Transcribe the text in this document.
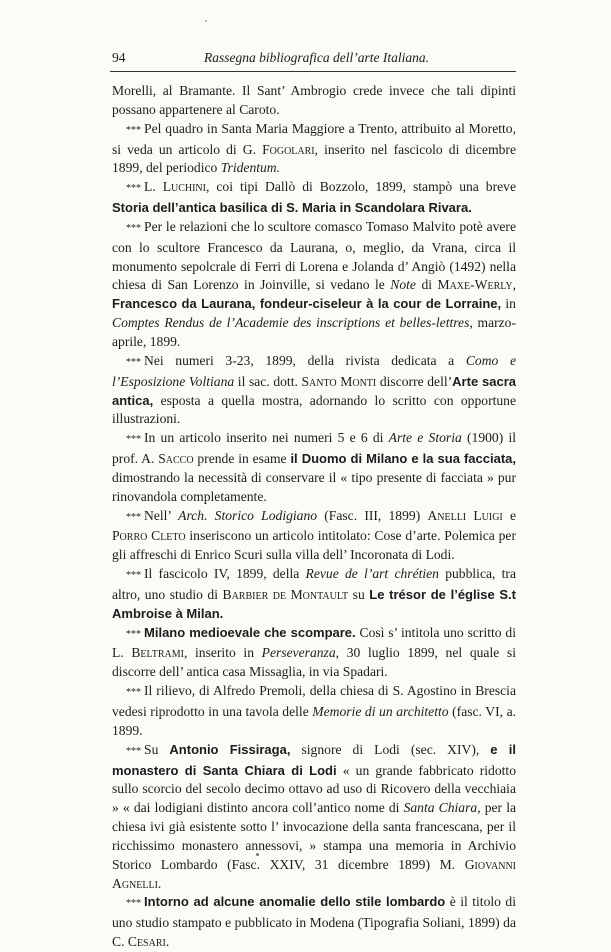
94	Rassegna bibliografica dell’arte Italiana.

Morelli, al Bramante. Il Sant’ Ambrogio crede invece che tali dipinti possano appartenere al Caroto.

* * * Pel quadro in Santa Maria Maggiore a Trento, attribuito al Moretto, si veda un articolo di G. Fogolari, inserito nel fascicolo di dicembre 1899, del periodico Tridentum.

* * * L. Luchini, coi tipi Dallò di Bozzolo, 1899, stampò una breve Storia dell’antica basilica di S. Maria in Scandolara Rivara.

* * * Per le relazioni che lo scultore comasco Tomaso Malvito potè avere con lo scultore Francesco da Laurana, o, meglio, da Vrana, circa il monumento sepolcrale di Ferri di Lorena e Jolanda d’ Angiò (1492) nella chiesa di San Lorenzo in Joinville, si vedano le Note di Maxe-Werly, Francesco da Laurana, fondeur-ciseleur à la cour de Lorraine, in Comptes Rendus de l’Academie des inscriptions et belles-lettres, marzo-aprile, 1899.

* * * Nei numeri 3-23, 1899, della rivista dedicata a Como e l’Esposizione Voltiana il sac. dott. Santo Monti discorre dell’Arte sacra antica, esposta a quella mostra, adornando lo scritto con opportune illustrazioni.

* * * In un articolo inserito nei numeri 5 e 6 di Arte e Storia (1900) il prof. A. Sacco prende in esame il Duomo di Milano e la sua facciata, dimostrando la necessità di conservare il « tipo presente di facciata » pur rinovandola completamente.

* * * Nell’ Arch. Storico Lodigiano (Fasc. III, 1899) Anelli Luigi e Porro Cleto inseriscono un articolo intitolato: Cose d’arte. Polemica per gli affreschi di Enrico Scuri sulla villa dell’ Incoronata di Lodi.

* * * Il fascicolo IV, 1899, della Revue de l’art chrétien pubblica, tra altro, uno studio di Barbier de Montault su Le trésor de l’église S.t Ambroise à Milan.

* * * Milano medioevale che scompare. Così s’ intitola uno scritto di L. Beltrami, inserito in Perseveranza, 30 luglio 1899, nel quale si discorre dell’ antica casa Missaglia, in via Spadari.

* * * Il rilievo, di Alfredo Premoli, della chiesa di S. Agostino in Brescia vedesi riprodotto in una tavola delle Memorie di un architetto (fasc. VI, a. 1899.

* * * Su Antonio Fissiraga, signore di Lodi (sec. XIV), e il monastero di Santa Chiara di Lodi « un grande fabbricato ridotto sullo scorcio del secolo decimo ottavo ad uso di Ricovero della vecchiaia » « dai lodigiani distinto ancora coll’antico nome di Santa Chiara, per la chiesa ivi già esistente sotto l’ invocazione della santa francescana, per il ricchissimo monastero annessovi, » stampa una memoria in Archivio Storico Lombardo (Fasc. XXIV, 31 dicembre 1899) M. Giovanni Agnelli.

* * * Intorno ad alcune anomalie dello stile lombardo è il titolo di uno studio stampato e pubblicato in Modena (Tipografia Soliani, 1899) da C. Cesari.
